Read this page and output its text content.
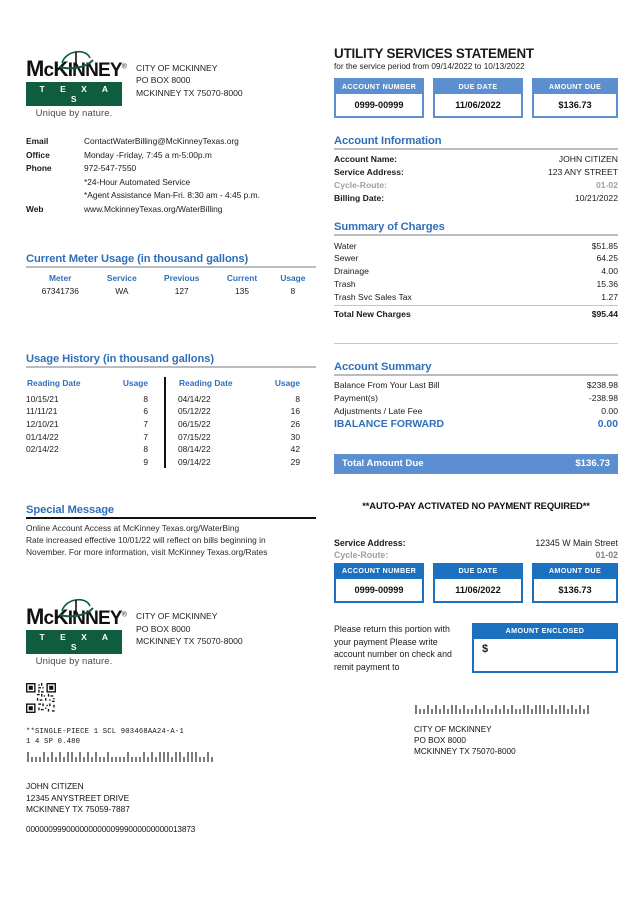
McKINNEY®
T E X A S
Unique by nature.
CITY OF MCKINNEY
PO BOX 8000
MCKINNEY TX 75070-8000
Email	ContactWaterBilling@McKinneyTexas.org
Office	Monday -Friday, 7:45 a m-5:00p.m
Phone	972-547-7550
*24-Hour Automated Service
*Agent Assistance Man-Fri. 8:30 am - 4:45 p.m.
Web	www.MckinneyTexas.org/WaterBilling
Current Meter Usage (in thousand gallons)
Meter	Service	Previous	Current	Usage
67341736	WA	127	135	8
Usage History (in thousand gallons)
Reading Date	Usage
10/15/21	8
11/11/21	6
12/10/21	7
01/14/22	7
02/14/22	8
	9
Reading Date	Usage
04/14/22	8
05/12/22	16
06/15/22	26
07/15/22	30
08/14/22	42
09/14/22	29
Special Message
Online Account Access at McKinney Texas.org/WaterBing
Rate increased effective 10/01/22 will reflect on bills beginning in
November. For more information, visit McKinney Texas.org/Rates
McKINNEY®
T E X A S
Unique by nature.
CITY OF MCKINNEY
PO BOX 8000
MCKINNEY TX 75070-8000
**SINGLE-PIECE 1 SCL 903468AA24-A-1
1 4 SP 0.480
JOHN CITIZEN
12345 ANYSTREET DRIVE
MCKINNEY TX 75059-7887
00000099900000000000999000000000013873
UTILITY SERVICES STATEMENT
for the service period from 09/14/2022 to 10/13/2022
ACCOUNT NUMBER
0999-00999
DUE DATE
11/06/2022
AMOUNT DUE
$136.73
Account Information
Account Name:	JOHN CITIZEN
Service Address:	123 ANY STREET
Cycle-Route:	01-02
Billing Date:	10/21/2022
Summary of Charges
Water	$51.85
Sewer	64.25
Drainage	4.00
Trash	15.36
Trash Svc Sales Tax	1.27
Total New Charges	$95.44
Account Summary
Balance From Your Last Bill	$238.98
Payment(s)	-238.98
Adjustments / Late Fee	0.00
IBALANCE FORWARD	0.00
Total Amount Due	$136.73
**AUTO-PAY ACTIVATED NO PAYMENT REQUIRED**
Service Address:	12345 W Main Street
Cycle-Route:	01-02
ACCOUNT NUMBER
0999-00999
DUE DATE
11/06/2022
AMOUNT DUE
$136.73
Please return this portion with your payment Please write account number on check and remit payment to
AMOUNT ENCLOSED
$
CITY OF MCKINNEY
PO BOX 8000
MCKINNEY TX 75070-8000
